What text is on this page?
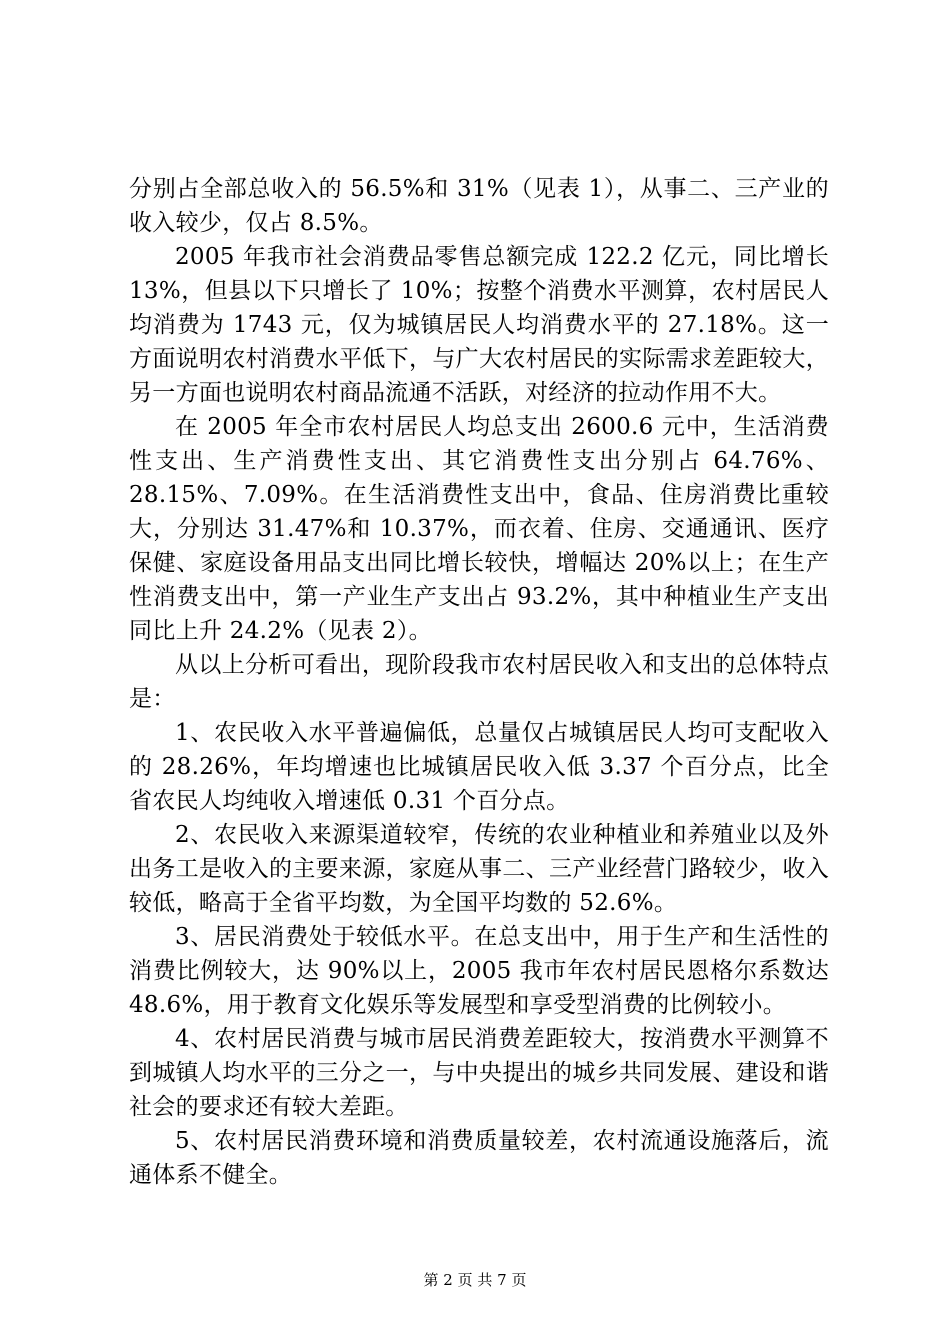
分别占全部总收入的 56.5%和 31%（见表 1），从事二、三产业的收入较少，仅占 8.5%。

2005 年我市社会消费品零售总额完成 122.2 亿元，同比增长 13%，但县以下只增长了 10%；按整个消费水平测算，农村居民人均消费为 1743 元，仅为城镇居民人均消费水平的 27.18%。这一方面说明农村消费水平低下，与广大农村居民的实际需求差距较大，另一方面也说明农村商品流通不活跃，对经济的拉动作用不大。

在 2005 年全市农村居民人均总支出 2600.6 元中，生活消费性支出、生产消费性支出、其它消费性支出分别占 64.76%、28.15%、7.09%。在生活消费性支出中，食品、住房消费比重较大，分别达 31.47%和 10.37%，而衣着、住房、交通通讯、医疗保健、家庭设备用品支出同比增长较快，增幅达 20%以上；在生产性消费支出中，第一产业生产支出占 93.2%，其中种植业生产支出同比上升 24.2%（见表 2）。

从以上分析可看出，现阶段我市农村居民收入和支出的总体特点是：

1、农民收入水平普遍偏低，总量仅占城镇居民人均可支配收入的 28.26%，年均增速也比城镇居民收入低 3.37 个百分点，比全省农民人均纯收入增速低 0.31 个百分点。

2、农民收入来源渠道较窄，传统的农业种植业和养殖业以及外出务工是收入的主要来源，家庭从事二、三产业经营门路较少，收入较低，略高于全省平均数，为全国平均数的 52.6%。

3、居民消费处于较低水平。在总支出中，用于生产和生活性的消费比例较大，达 90%以上，2005 我市年农村居民恩格尔系数达 48.6%，用于教育文化娱乐等发展型和享受型消费的比例较小。

4、农村居民消费与城市居民消费差距较大，按消费水平测算不到城镇人均水平的三分之一，与中央提出的城乡共同发展、建设和谐社会的要求还有较大差距。

5、农村居民消费环境和消费质量较差，农村流通设施落后，流通体系不健全。

第 2 页 共 7 页
